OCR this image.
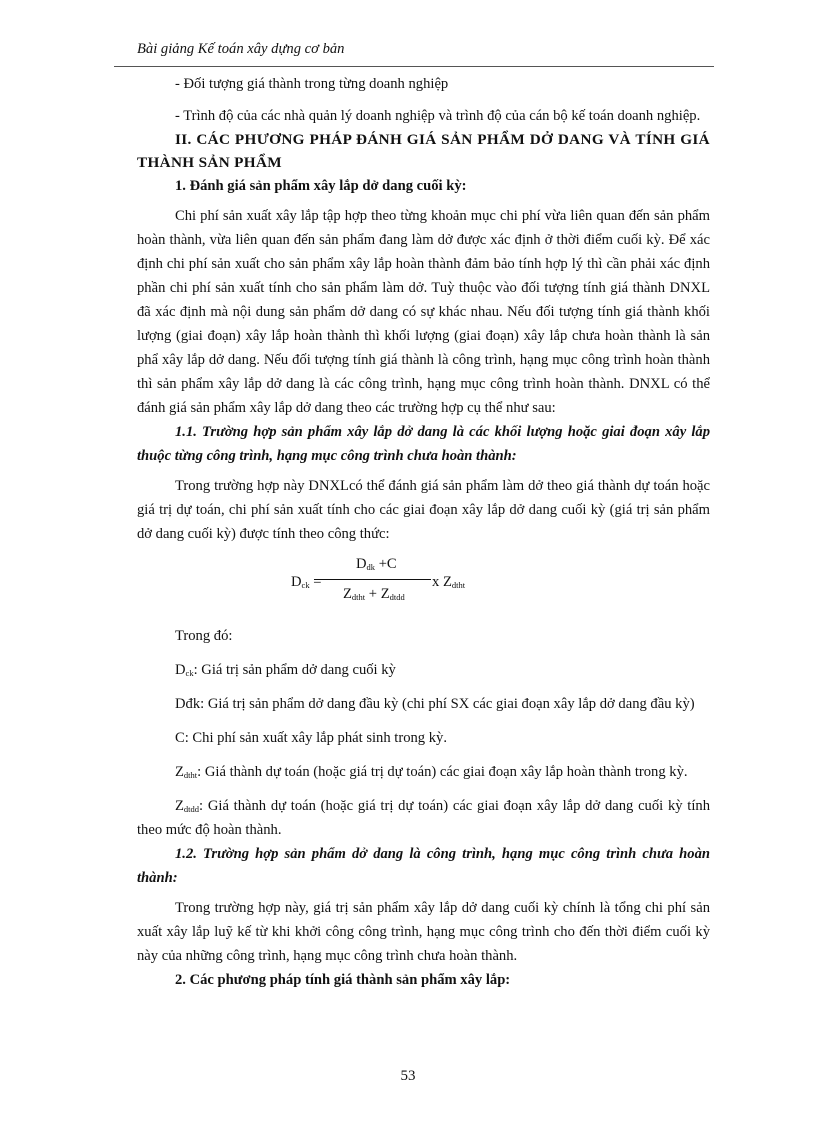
Bài giảng Kế toán xây dựng cơ bản

- Đối tượng giá thành trong từng doanh nghiệp

- Trình độ của các nhà quản lý doanh nghiệp và trình độ của cán bộ kế toán doanh nghiệp.

II. CÁC PHƯƠNG PHÁP ĐÁNH GIÁ SẢN PHẨM DỞ DANG VÀ TÍNH GIÁ THÀNH SẢN PHẨM

1. Đánh giá sản phẩm xây lắp dở dang cuối kỳ:

Chi phí sản xuất xây lắp tập hợp theo từng khoản mục chi phí vừa liên quan đến sản phẩm hoàn thành, vừa liên quan đến sản phẩm đang làm dở được xác định ở thời điểm cuối kỳ. Để xác định chi phí sản xuất cho sản phẩm xây lắp hoàn thành đảm bảo tính hợp lý thì cần phải xác định phần chi phí sản xuất tính cho sản phẩm làm dở. Tuỳ thuộc vào đối tượng tính giá thành DNXL đã xác định mà nội dung sản phẩm dở dang có sự khác nhau. Nếu đối tượng tính giá thành khối lượng (giai đoạn) xây lắp hoàn thành thì khối lượng (giai đoạn) xây lắp chưa hoàn thành là sản phẩ xây lắp dở dang. Nếu đối tượng tính giá thành là công trình, hạng mục công trình hoàn thành thì sản phẩm xây lắp dở dang là các công trình, hạng mục công trình hoàn thành. DNXL có thể đánh giá sản phẩm xây lắp dở dang theo các trường hợp cụ thể như sau:

1.1. Trường hợp sản phẩm xây lắp dở dang là các khối lượng hoặc giai đoạn xây lắp thuộc từng công trình, hạng mục công trình chưa hoàn thành:

Trong trường hợp này DNXLcó thể đánh giá sản phẩm làm dở theo giá thành dự toán hoặc giá trị dự toán, chi phí sản xuất tính cho các giai đoạn xây lắp dở dang cuối kỳ (giá trị sản phẩm dở dang cuối kỳ) được tính theo công thức:

$D_{ck}$ =
$D_{dk} +C$
$Z_{dtht} + Z_{dtdd}$
x $Z_{dtht}$

Trong đó:

$D_{ck}$: Giá trị sản phẩm dở dang cuối kỳ

Dđk: Giá trị sản phẩm dở dang đầu kỳ (chi phí SX các giai đoạn xây lắp dở dang đầu kỳ)

C: Chi phí sản xuất xây lắp phát sinh trong kỳ.

$Z_{dtht}$: Giá thành dự toán (hoặc giá trị dự toán) các giai đoạn xây lắp hoàn thành trong kỳ.

$Z_{dtdd}$: Giá thành dự toán (hoặc giá trị dự toán) các giai đoạn xây lắp dở dang cuối kỳ tính theo mức độ hoàn thành.

1.2. Trường hợp sản phẩm dở dang là công trình, hạng mục công trình chưa hoàn thành:

Trong trường hợp này, giá trị sản phẩm xây lắp dở dang cuối kỳ chính là tổng chi phí sản xuất xây lắp luỹ kế từ khi khởi công công trình, hạng mục công trình cho đến thời điểm cuối kỳ này của những công trình, hạng mục công trình chưa hoàn thành.

2. Các phương pháp tính giá thành sản phẩm xây lắp:

53
